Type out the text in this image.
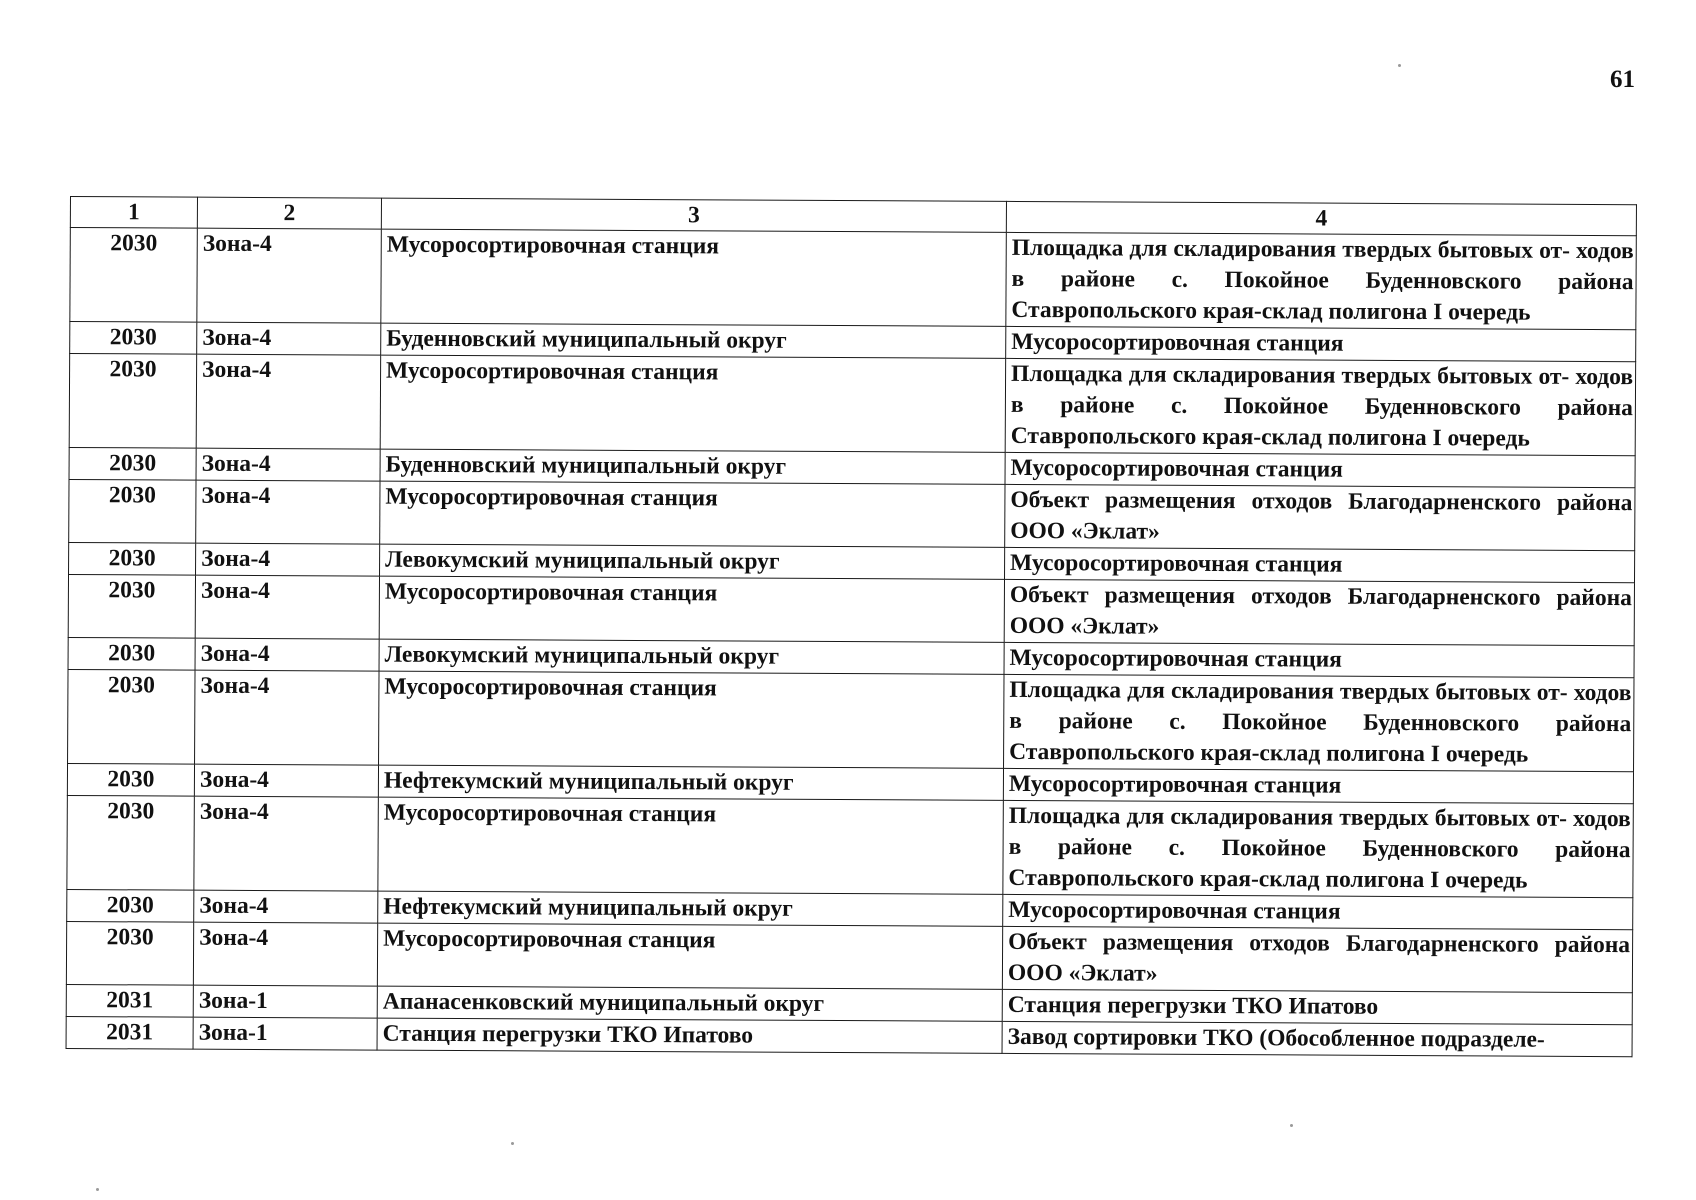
61
1	2	3	4
2030	Зона-4	Мусоросортировочная станция	Площадка для складирования твердых бытовых от- ходов в районе с. Покойное Буденновского района Ставропольского края-склад полигона I очередь

2030	Зона-4	Буденновский муниципальный округ	Мусоросортировочная станция

2030	Зона-4	Мусоросортировочная станция	Площадка для складирования твердых бытовых от- ходов в районе с. Покойное Буденновского района Ставропольского края-склад полигона I очередь

2030	Зона-4	Буденновский муниципальный округ	Мусоросортировочная станция

2030	Зона-4	Мусоросортировочная станция	Объект размещения отходов Благодарненского района ООО «Эклат»

2030	Зона-4	Левокумский муниципальный округ	Мусоросортировочная станция

2030	Зона-4	Мусоросортировочная станция	Объект размещения отходов Благодарненского района ООО «Эклат»

2030	Зона-4	Левокумский муниципальный округ	Мусоросортировочная станция

2030	Зона-4	Мусоросортировочная станция	Площадка для складирования твердых бытовых от- ходов в районе с. Покойное Буденновского района Ставропольского края-склад полигона I очередь

2030	Зона-4	Нефтекумский муниципальный округ	Мусоросортировочная станция

2030	Зона-4	Мусоросортировочная станция	Площадка для складирования твердых бытовых от- ходов в районе с. Покойное Буденновского района Ставропольского края-склад полигона I очередь

2030	Зона-4	Нефтекумский муниципальный округ	Мусоросортировочная станция

2030	Зона-4	Мусоросортировочная станция	Объект размещения отходов Благодарненского района ООО «Эклат»

2031	Зона-1	Апанасенковский муниципальный округ	Станция перегрузки ТКО Ипатово

2031	Зона-1	Станция перегрузки ТКО Ипатово	Завод сортировки ТКО (Обособленное подразделе-
